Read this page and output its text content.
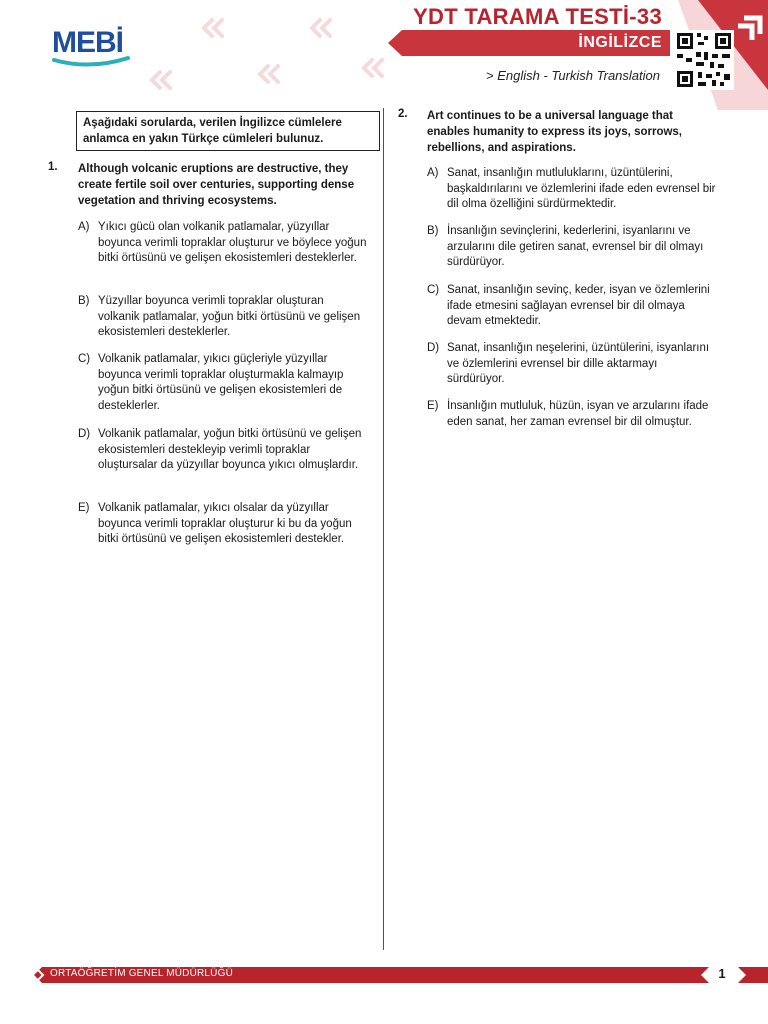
MEBİ
YDT TARAMA TESTİ-33
İNGİLİZCE
> English - Turkish Translation
Aşağıdaki sorularda, verilen İngilizce cümlelere anlamca en yakın Türkçe cümleleri bulunuz.
1. Although volcanic eruptions are destructive, they create fertile soil over centuries, supporting dense vegetation and thriving ecosystems.
A) Yıkıcı gücü olan volkanik patlamalar, yüzyıllar boyunca verimli topraklar oluşturur ve böylece yoğun bitki örtüsünü ve gelişen ekosistemleri desteklerler.
B) Yüzyıllar boyunca verimli topraklar oluşturan volkanik patlamalar, yoğun bitki örtüsünü ve gelişen ekosistemleri desteklerler.
C) Volkanik patlamalar, yıkıcı güçleriyle yüzyıllar boyunca verimli topraklar oluşturmakla kalmayıp yoğun bitki örtüsünü ve gelişen ekosistemleri de desteklerler.
D) Volkanik patlamalar, yoğun bitki örtüsünü ve gelişen ekosistemleri destekleyip verimli topraklar oluştursalar da yüzyıllar boyunca yıkıcı olmuşlardır.
E) Volkanik patlamalar, yıkıcı olsalar da yüzyıllar boyunca verimli topraklar oluşturur ki bu da yoğun bitki örtüsünü ve gelişen ekosistemleri destekler.
2. Art continues to be a universal language that enables humanity to express its joys, sorrows, rebellions, and aspirations.
A) Sanat, insanlığın mutluluklarını, üzüntülerini, başkaldırılarını ve özlemlerini ifade eden evrensel bir dil olma özelliğini sürdürmektedir.
B) İnsanlığın sevinçlerini, kederlerini, isyanlarını ve arzularını dile getiren sanat, evrensel bir dil olmayı sürdürüyor.
C) Sanat, insanlığın sevinç, keder, isyan ve özlemlerini ifade etmesini sağlayan evrensel bir dil olmaya devam etmektedir.
D) Sanat, insanlığın neşelerini, üzüntülerini, isyanlarını ve özlemlerini evrensel bir dille aktarmayı sürdürüyor.
E) İnsanlığın mutluluk, hüzün, isyan ve arzularını ifade eden sanat, her zaman evrensel bir dil olmuştur.
ORTAÖĞRETİM GENEL MÜDÜRLÜĞÜ	1
